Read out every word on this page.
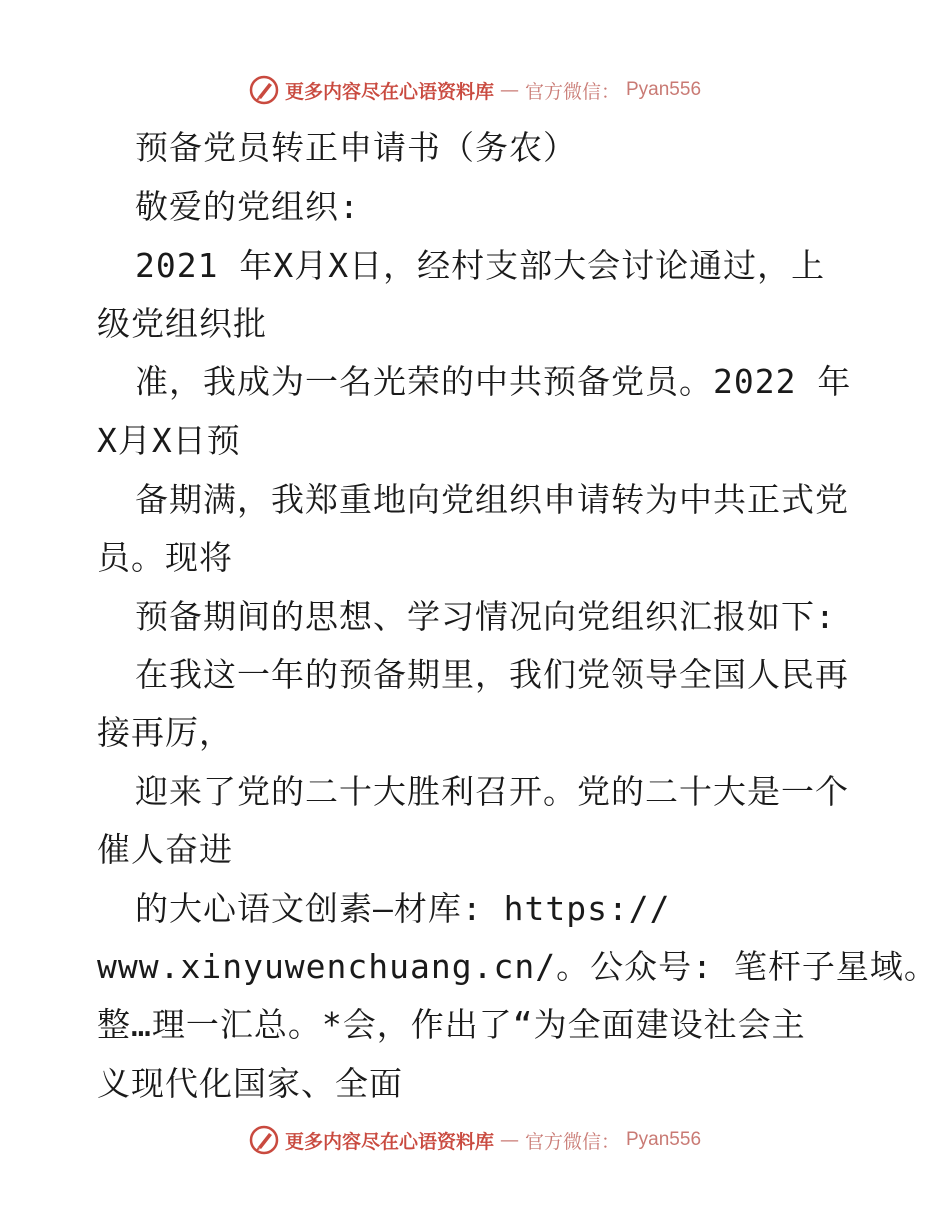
更多内容尽在心语资料库 — 官方微信： Pyan556
预备党员转正申请书（务农）
敬爱的党组织:
2021 年X月X日，经村支部大会讨论通过，上
级党组织批
准，我成为一名光荣的中共预备党员。2022 年
X月X日预
备期满，我郑重地向党组织申请转为中共正式党
员。现将
预备期间的思想、学习情况向党组织汇报如下:
在我这一年的预备期里，我们党领导全国人民再
接再厉，
迎来了党的二十大胜利召开。党的二十大是一个
催人奋进
的大心语文创素—材库: https://
www.xinyuwenchuang.cn/。公众号: 笔杆子星域。
整…理一汇总。*会，作出了“为全面建设社会主
义现代化国家、全面
更多内容尽在心语资料库 — 官方微信： Pyan556
